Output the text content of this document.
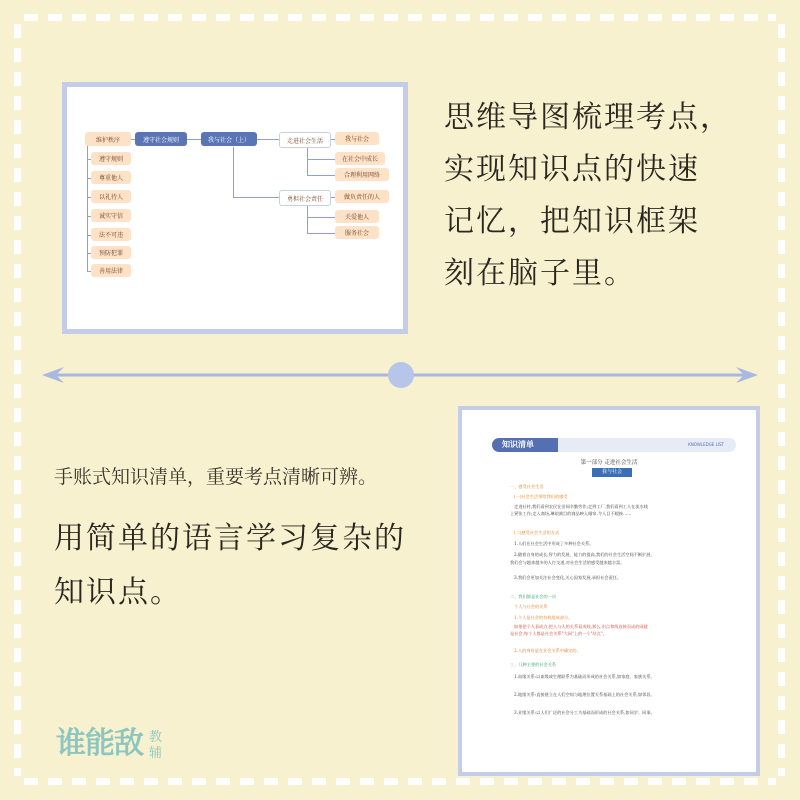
维护秩序	遵守社会规则	我与社会（上）	走进社会生活
勇担社会责任
遵守规则
尊重他人
以礼待人
诚实守信
法不可违
预防犯罪
善用法律
我与社会
在社会中成长
合理利用网络
做负责任的人
关爱他人
服务社会
思维导图梳理考点，
实现知识点的快速
记忆，把知识框架
刻在脑子里。
手账式知识清单，重要考点清晰可辨。
用简单的语言学习复杂的
知识点。
知识清单	KNOWLEDGE LIST
第一部分 走进社会生活
我与社会
一、感受社会生活
(一)社会生活带给我们的感受
走进社村,我们看到农民在田间辛勤劳作;走到工厂,我们看到工人在流水线
上紧张工作;走入商场,琳琅满目的商品映入眼帘,令人目不暇接……
(二)感受社会生活的方式
1.人们在社会生活中形成了多种社会关系。
2.随着自身的成长,智力的发展、能力的提高,我们的社会生活空间不断扩展,
我们会与越来越多的人打交道,对社会生活的感受越来越丰富。
3.我们会更加关注社会变化,关心国家发展,承担社会责任。
二、我们都是社会的一员
个人与社会的关系
1.个人是社会的有机组成部分。
如果把个人看成点,把人与人的关系看成线,那么,由点和线连接而成的网就
是社会,每个人都是社会关系"大网"上的一个"结点"。
2.人的身份是在社会关系中确定的。
三、几种主要的社会关系
1.血缘关系:以血缘或生理联系为基础而形成的社会关系,如家庭、家族关系。
2.地缘关系:直接建立在人们空间与地理位置关系基础上的社会关系,如邻居。
3.业缘关系:以人们广泛的社会分工为基础而形成的社会关系,如同学、同事。
谁能敌 教
辅
